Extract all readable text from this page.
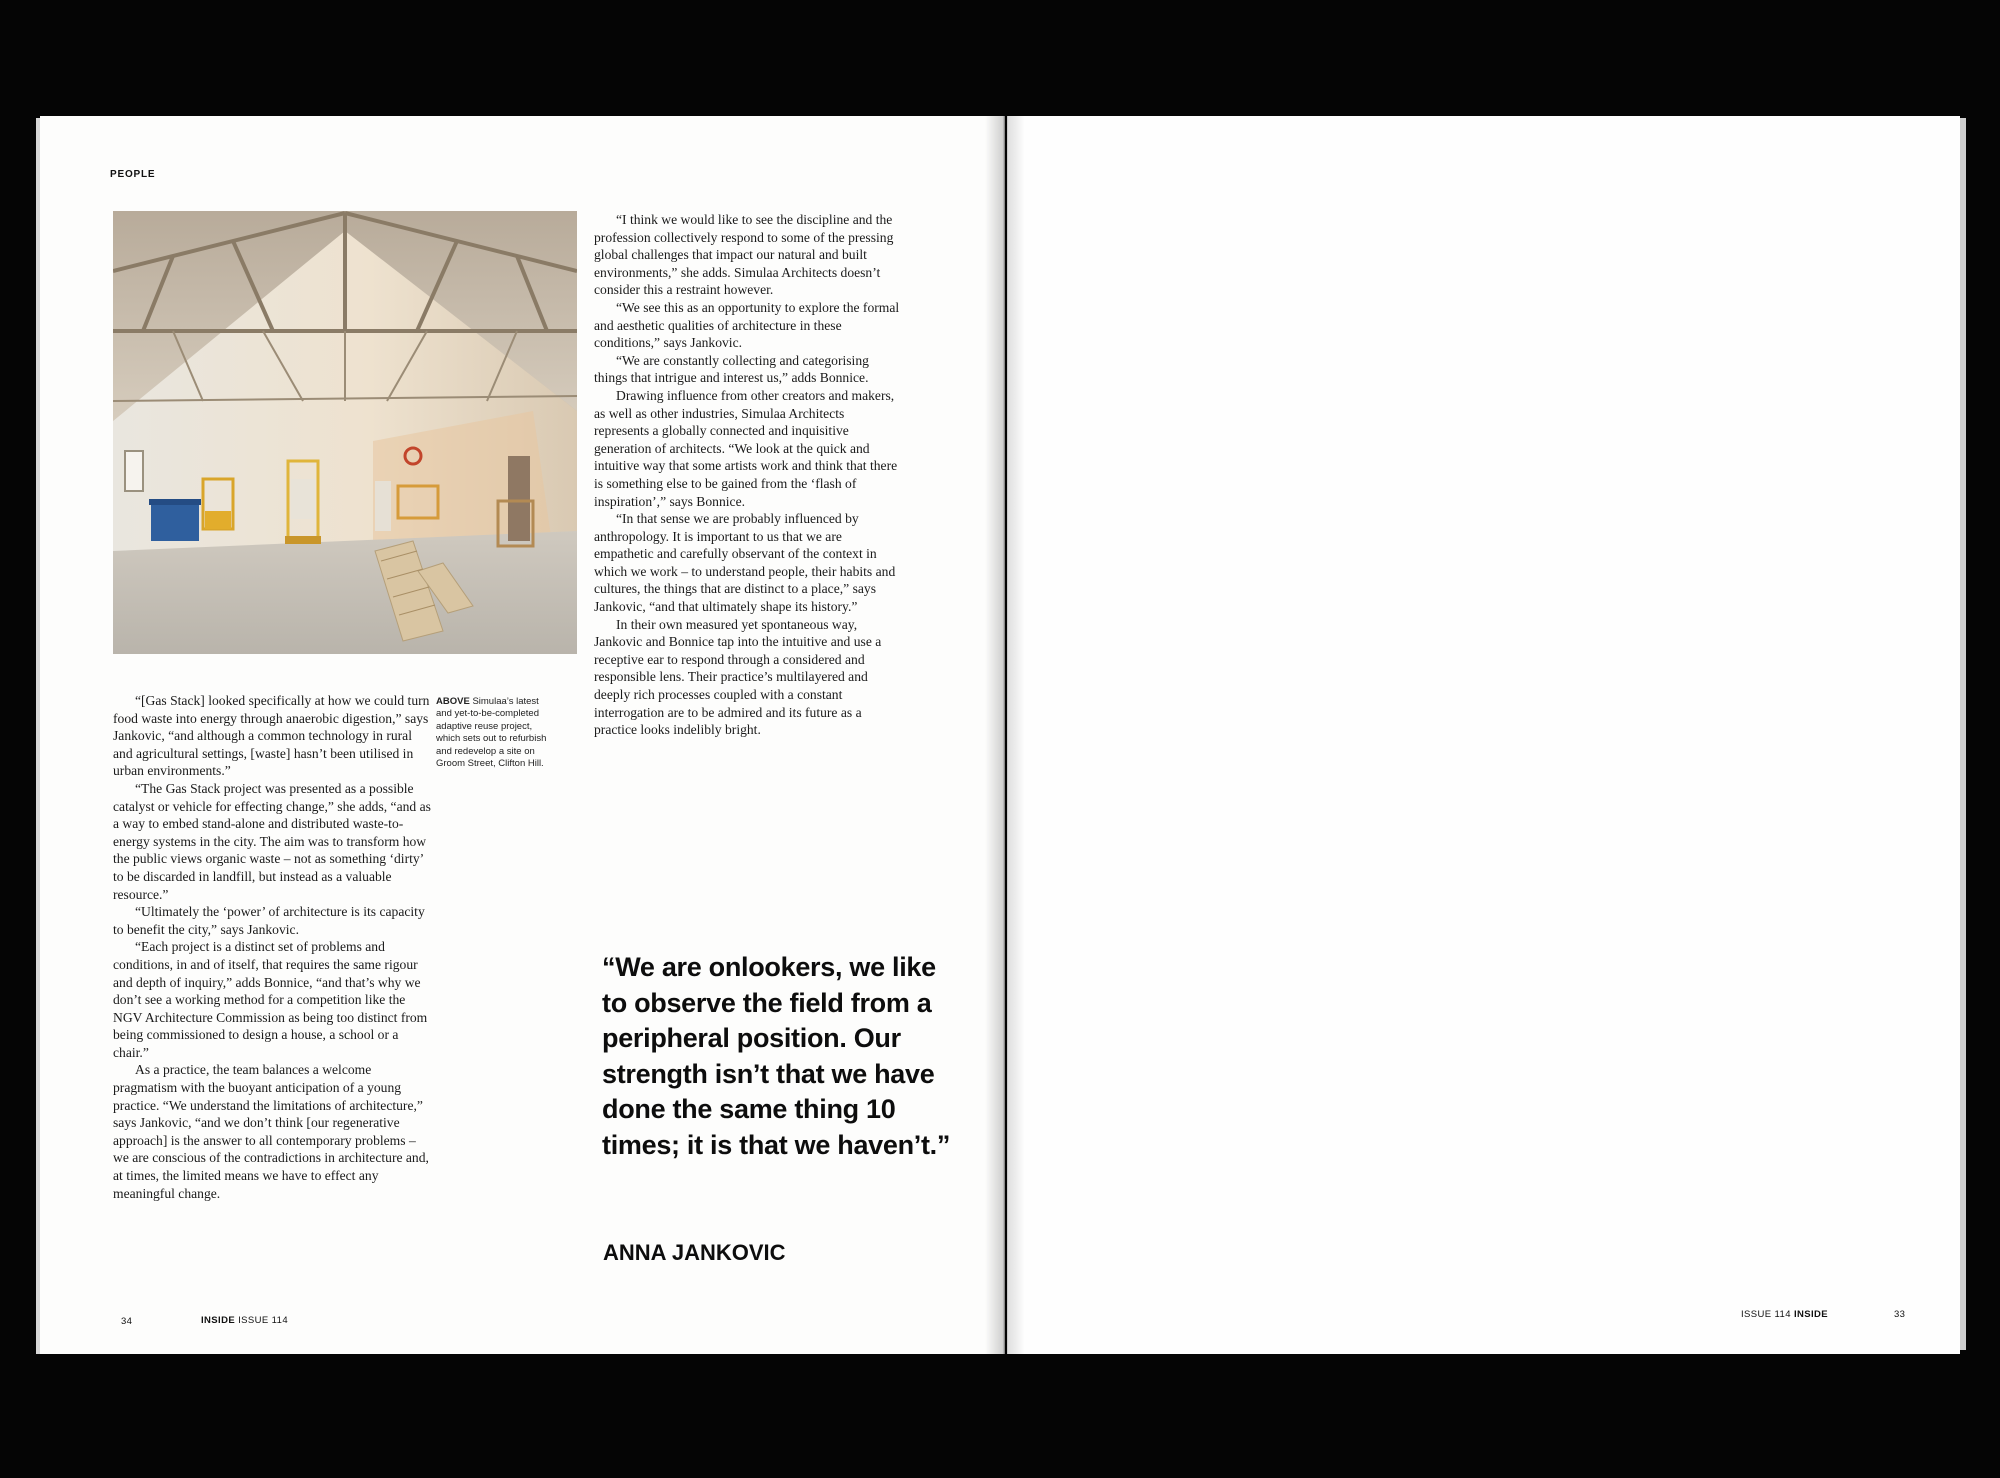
PEOPLE

“[Gas Stack] looked specifically at how we could turn food waste into energy through anaerobic digestion,” says Jankovic, “and although a common technology in rural and agricultural settings, [waste] hasn’t been utilised in urban environments.”

“The Gas Stack project was presented as a possible catalyst or vehicle for effecting change,” she adds, “and as a way to embed stand-alone and distributed waste-to-energy systems in the city. The aim was to transform how the public views organic waste – not as something ‘dirty’ to be discarded in landfill, but instead as a valuable resource.”

“Ultimately the ‘power’ of architecture is its capacity to benefit the city,” says Jankovic.

“Each project is a distinct set of problems and conditions, in and of itself, that requires the same rigour and depth of inquiry,” adds Bonnice, “and that’s why we don’t see a working method for a competition like the NGV Architecture Commission as being too distinct from being commissioned to design a house, a school or a chair.”

As a practice, the team balances a welcome pragmatism with the buoyant anticipation of a young practice. “We understand the limitations of architecture,” says Jankovic, “and we don’t think [our regenerative approach] is the answer to all contemporary problems – we are conscious of the contradictions in architecture and, at times, the limited means we have to effect any meaningful change.

ABOVE Simulaa’s latest and yet-to-be-completed adaptive reuse project, which sets out to refurbish and redevelop a site on Groom Street, Clifton Hill.

“I think we would like to see the discipline and the profession collectively respond to some of the pressing global challenges that impact our natural and built environments,” she adds. Simulaa Architects doesn’t consider this a restraint however.

“We see this as an opportunity to explore the formal and aesthetic qualities of architecture in these conditions,” says Jankovic.

“We are constantly collecting and categorising things that intrigue and interest us,” adds Bonnice.

Drawing influence from other creators and makers, as well as other industries, Simulaa Architects represents a globally connected and inquisitive generation of architects. “We look at the quick and intuitive way that some artists work and think that there is something else to be gained from the ‘flash of inspiration’,” says Bonnice.

“In that sense we are probably influenced by anthropology. It is important to us that we are empathetic and carefully observant of the context in which we work – to understand people, their habits and cultures, the things that are distinct to a place,” says Jankovic, “and that ultimately shape its history.”

In their own measured yet spontaneous way, Jankovic and Bonnice tap into the intuitive and use a receptive ear to respond through a considered and responsible lens. Their practice’s multilayered and deeply rich processes coupled with a constant interrogation are to be admired and its future as a practice looks indelibly bright.

“We are onlookers, we like to observe the field from a peripheral position. Our strength isn’t that we have done the same thing 10 times; it is that we haven’t.”
ANNA JANKOVIC
34	INSIDE ISSUE 114
ISSUE 114 INSIDE	33
